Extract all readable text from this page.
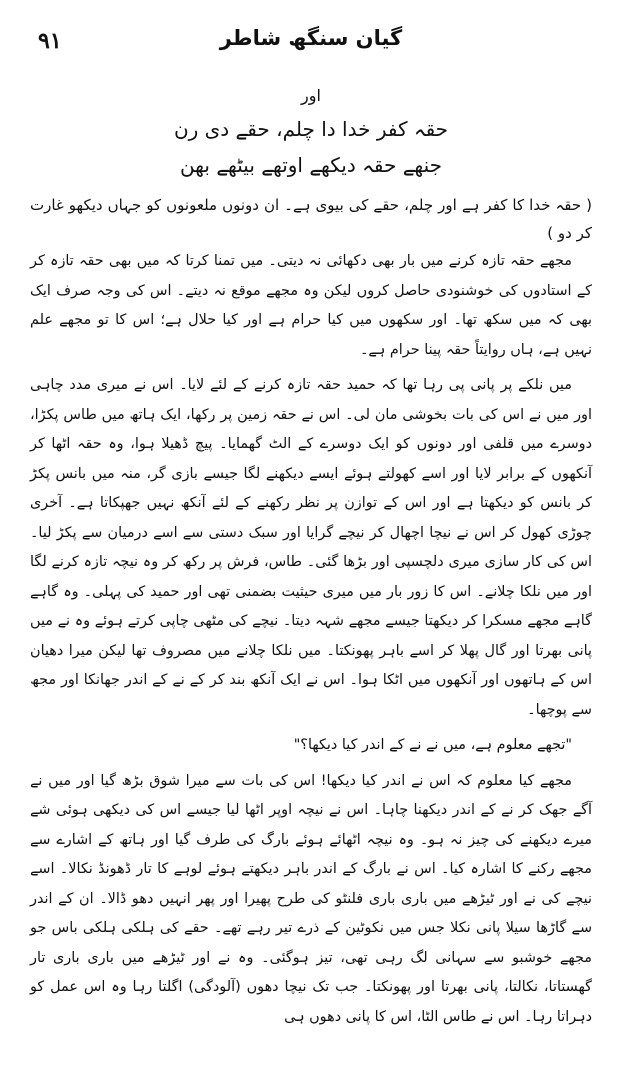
۹۱	گیان سنگھ شاطر
اور
حقہ کفر خدا دا چلم، حقے دی رن
جنھے حقہ دیکھے اوتھے بیٹھے بھن
( حقہ خدا کا کفر ہے اور چلم، حقے کی بیوی ہے۔ ان دونوں ملعونوں کو جہاں دیکھو غارت کر دو )

مجھے حقہ تازہ کرنے میں بار بھی دکھائی نہ دیتی۔ میں تمنا کرتا کہ میں بھی حقہ تازہ کر کے استادوں کی خوشنودی حاصل کروں لیکن وہ مجھے موقع نہ دیتے۔ اس کی وجہ صرف ایک بھی کہ میں سکھ تھا۔ اور سکھوں میں کیا حرام ہے اور کیا حلال ہے؛ اس کا تو مجھے علم نہیں ہے، ہاں روایتاً حقہ پینا حرام ہے۔

میں نلکے پر پانی پی رہا تھا کہ حمید حقہ تازہ کرنے کے لئے لایا۔ اس نے میری مدد چاہی اور میں نے اس کی بات بخوشی مان لی۔ اس نے حقہ زمین پر رکھا، ایک ہاتھ میں طاس پکڑا، دوسرے میں قلفی اور دونوں کو ایک دوسرے کے الٹ گھمایا۔ پیچ ڈھیلا ہوا، وہ حقہ اٹھا کر آنکھوں کے برابر لایا اور اسے کھولتے ہوئے ایسے دیکھنے لگا جیسے بازی گر، منہ میں بانس پکڑ کر بانس کو دیکھتا ہے اور اس کے توازن پر نظر رکھنے کے لئے آنکھ نہیں جھپکاتا ہے۔ آخری چوڑی کھول کر اس نے نیچا اچھال کر نیچے گرایا اور سبک دستی سے اسے درمیان سے پکڑ لیا۔ اس کی کار سازی میری دلچسپی اور بڑھا گئی۔ طاس، فرش پر رکھ کر وہ نیچہ تازہ کرنے لگا اور میں نلکا چلانے۔ اس کا زور بار میں میری حیثیت بضمنی تھی اور حمید کی پہلی۔ وہ گاہے گاہے مجھے مسکرا کر دیکھتا جیسے مجھے شہہ دیتا۔ نیچے کی مٹھی چاپی کرتے ہوئے وہ نے میں پانی بھرتا اور گال پھلا کر اسے باہر پھونکتا۔ میں نلکا چلانے میں مصروف تھا لیکن میرا دھیان اس کے ہاتھوں اور آنکھوں میں اٹکا ہوا۔ اس نے ایک آنکھ بند کر کے نے کے اندر جھانکا اور مجھ سے پوچھا۔

"تجھے معلوم ہے، میں نے نے کے اندر کیا دیکھا؟"

مجھے کیا معلوم کہ اس نے اندر کیا دیکھا! اس کی بات سے میرا شوق بڑھ گیا اور میں نے آگے جھک کر نے کے اندر دیکھنا چاہا۔ اس نے نیچہ اوپر اٹھا لیا جیسے اس کی دیکھی ہوئی شے میرے دیکھنے کی چیز نہ ہو۔ وہ نیچہ اٹھائے ہوئے بارگ کی طرف گیا اور ہاتھ کے اشارے سے مجھے رکنے کا اشارہ کیا۔ اس نے بارگ کے اندر باہر دیکھتے ہوئے لوہے کا تار ڈھونڈ نکالا۔ اسے نیچے کی نے اور ٹیڑھے میں باری باری فلنٹو کی طرح پھیرا اور پھر انہیں دھو ڈالا۔ ان کے اندر سے گاڑھا سیلا پانی نکلا جس میں نکوٹین کے ذرے تیر رہے تھے۔ حقے کی ہلکی ہلکی باس جو مجھے خوشبو سے سہانی لگ رہی تھی، تیز ہوگئی۔ وہ نے اور ٹیڑھے میں باری باری تار گھستاتا، نکالتا، پانی بھرتا اور پھونکتا۔ جب تک نیچا دھوں (آلودگی) اگلتا رہا وہ اس عمل کو دہراتا رہا۔ اس نے طاس الٹا، اس کا پانی دھوں ہی
